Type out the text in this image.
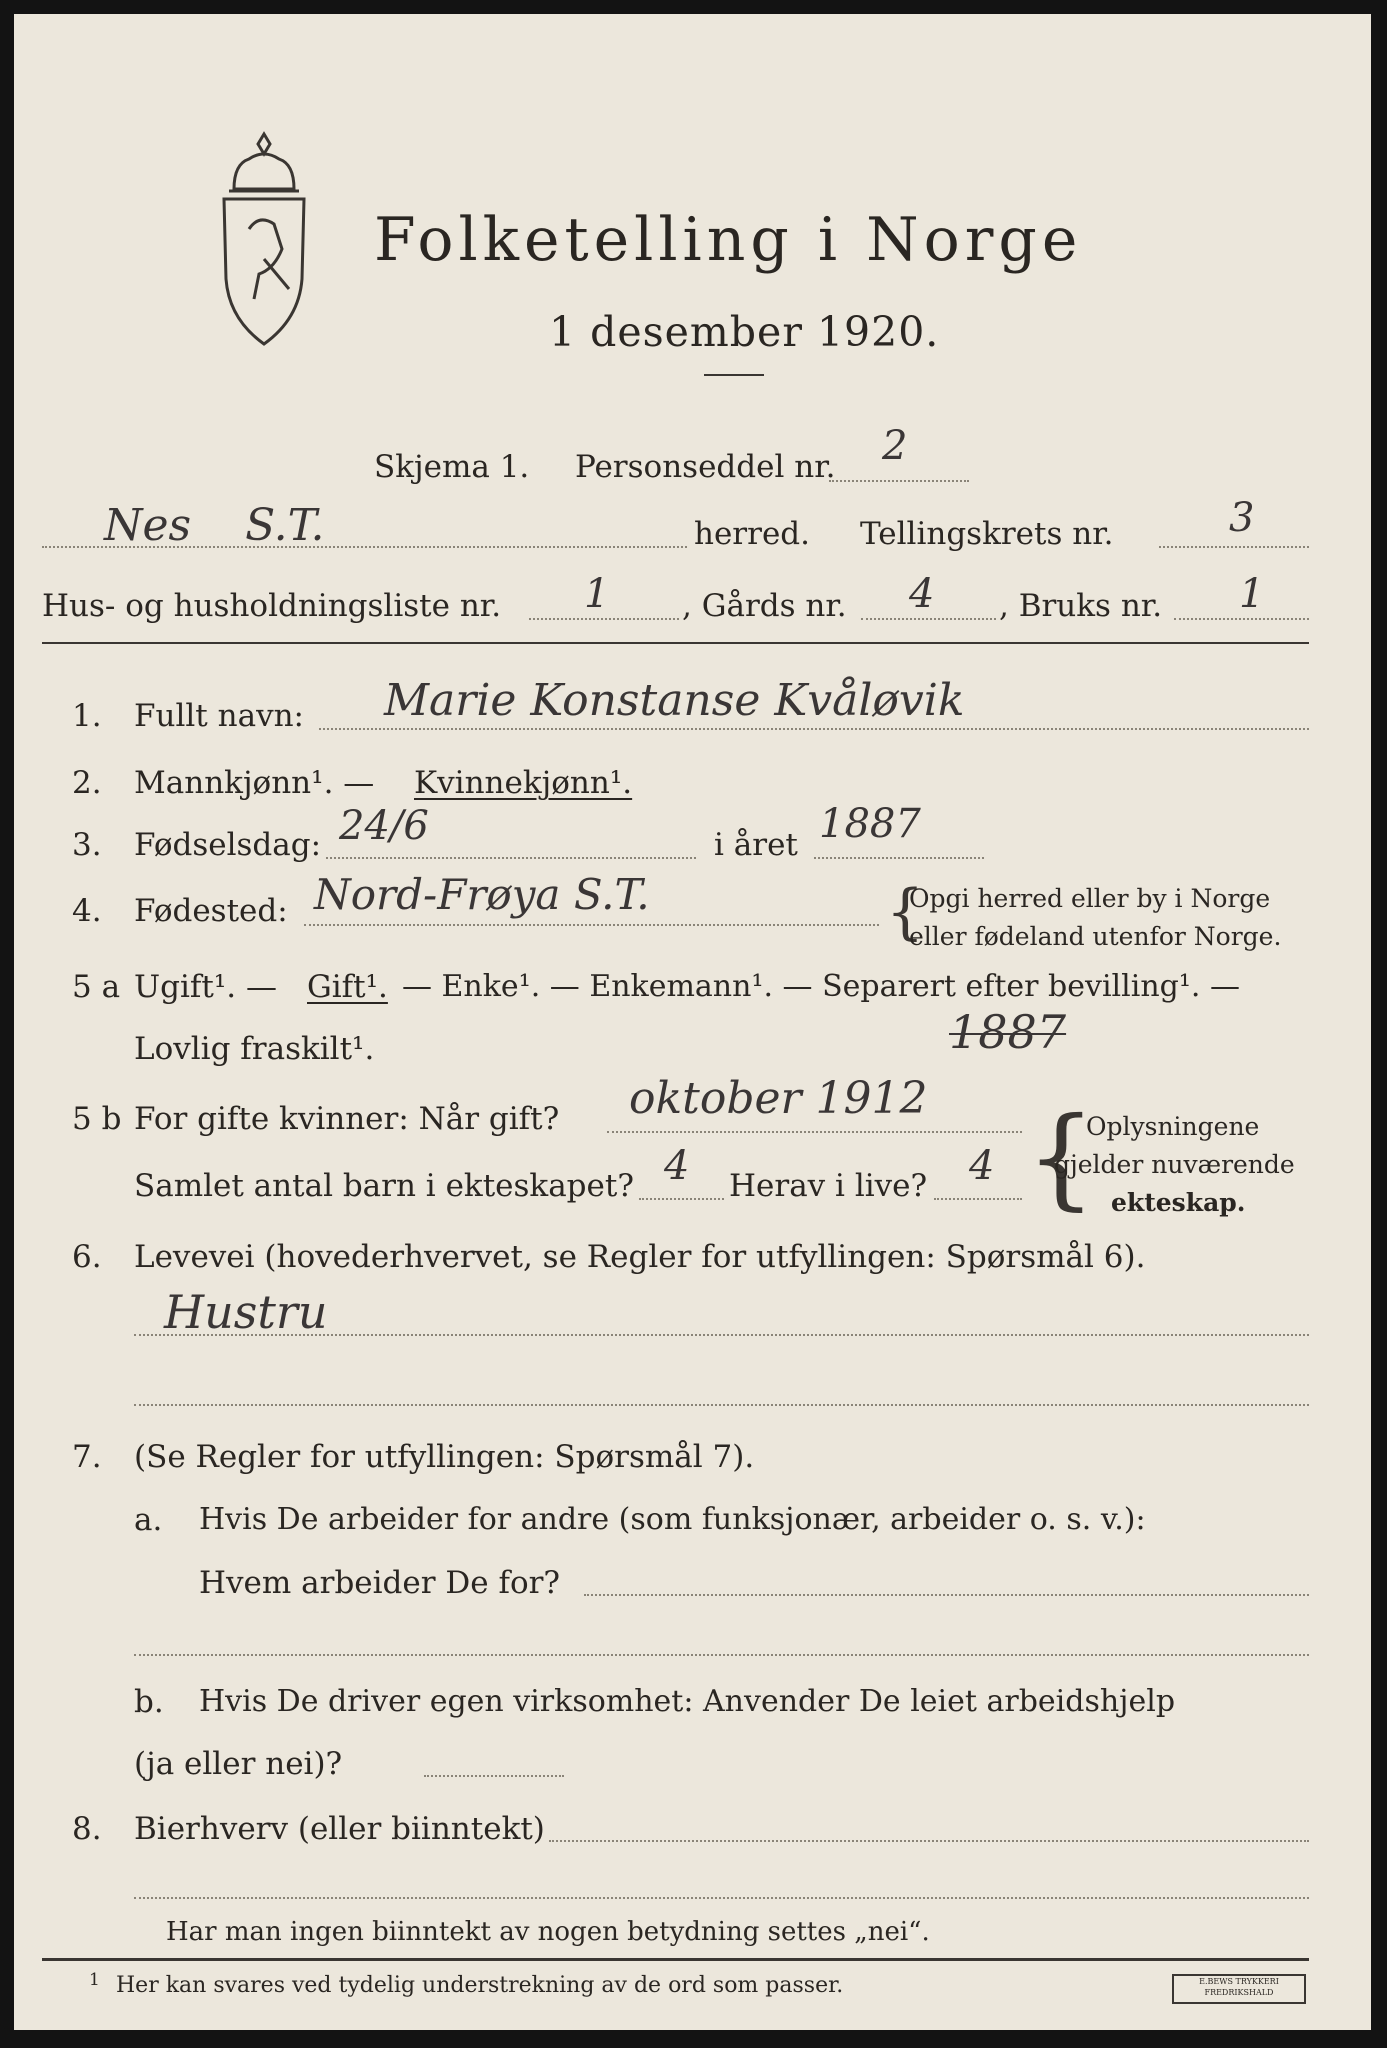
Folketelling i Norge
1 desember 1920.
Skjema 1. Personseddel nr. 2
Nes S.T.	herred. Tellingskrets nr.	3
Hus- og husholdningsliste nr. 1 , Gårds nr. 4 , Bruks nr. 1
1. Fullt navn: Marie Konstanse Kvåløvik
2. Mannkjønn¹. — Kvinnekjønn¹.
3. Fødselsdag: 24/6	i året 1887
4. Fødested: Nord-Frøya S.T.	{
Opgi herred eller by i Norge
eller fødeland utenfor Norge.
5 a Ugift¹. — Gift¹. — Enke¹. — Enkemann¹. — Separert efter bevilling¹. —
Lovlig fraskilt¹.	1887
5 b For gifte kvinner: Når gift? oktober 1912
Samlet antal barn i ekteskapet? 4 Herav i live? 4 {
Oplysningene
gjelder nuværende
ekteskap.
6. Levevei (hovederhvervet, se Regler for utfyllingen: Spørsmål 6).
Hustru
7. (Se Regler for utfyllingen: Spørsmål 7).
a. Hvis De arbeider for andre (som funksjonær, arbeider o. s. v.):
Hvem arbeider De for?
b. Hvis De driver egen virksomhet: Anvender De leiet arbeidshjelp
(ja eller nei)?
8. Bierhverv (eller biinntekt)
Har man ingen biinntekt av nogen betydning settes „nei“.
1 Her kan svares ved tydelig understrekning av de ord som passer.	E.BEWS TRYKKERI
FREDRIKSHALD
